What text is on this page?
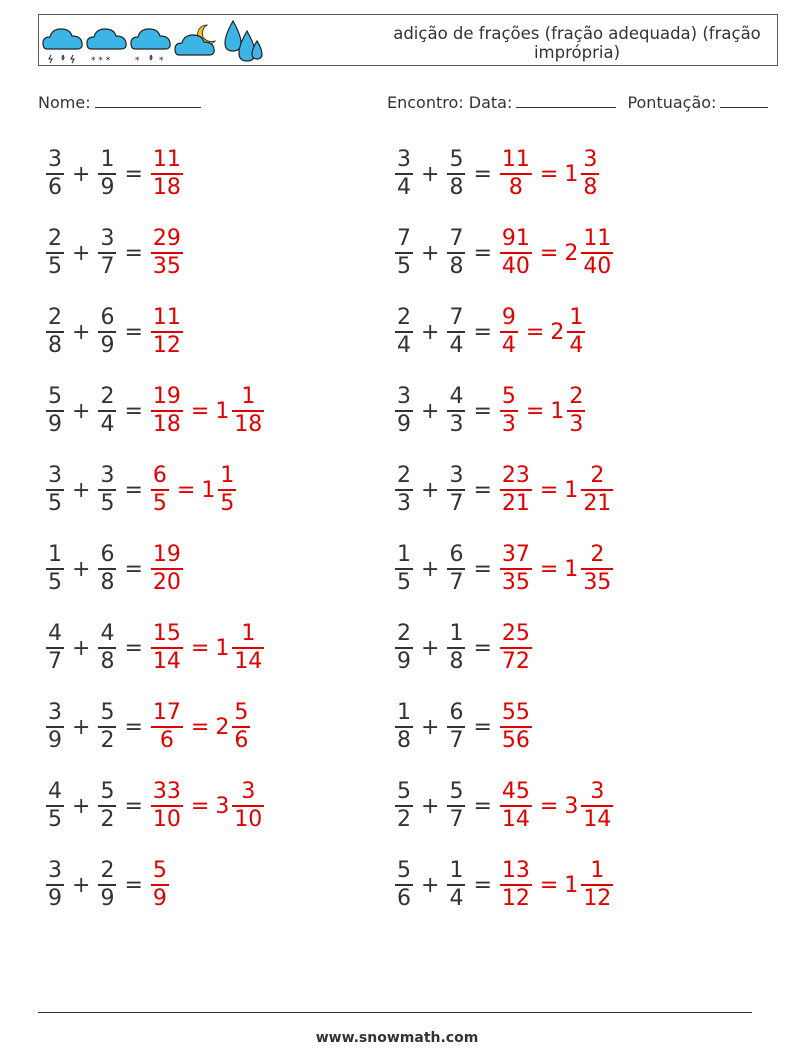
* * *	* *
adição de frações (fração adequada) (fração imprópria)
Nome:	Encontro: Data:	Pontuação:
$\frac{3}{6} + \frac{1}{9} = \frac{11}{18}$	$\frac{3}{4} + \frac{5}{8} = \frac{11}{8} = 1 \frac{3}{8}$
$\frac{2}{5} + \frac{3}{7} = \frac{29}{35}$	$\frac{7}{5} + \frac{7}{8} = \frac{91}{40} = 2 \frac{11}{40}$
$\frac{2}{8} + \frac{6}{9} = \frac{11}{12}$	$\frac{2}{4} + \frac{7}{4} = \frac{9}{4} = 2 \frac{1}{4}$
$\frac{5}{9} + \frac{2}{4} = \frac{19}{18} = 1 \frac{1}{18}$	$\frac{3}{9} + \frac{4}{3} = \frac{5}{3} = 1 \frac{2}{3}$
$\frac{3}{5} + \frac{3}{5} = \frac{6}{5} = 1 \frac{1}{5}$	$\frac{2}{3} + \frac{3}{7} = \frac{23}{21} = 1 \frac{2}{21}$
$\frac{1}{5} + \frac{6}{8} = \frac{19}{20}$	$\frac{1}{5} + \frac{6}{7} = \frac{37}{35} = 1 \frac{2}{35}$
$\frac{4}{7} + \frac{4}{8} = \frac{15}{14} = 1 \frac{1}{14}$	$\frac{2}{9} + \frac{1}{8} = \frac{25}{72}$
$\frac{3}{9} + \frac{5}{2} = \frac{17}{6} = 2 \frac{5}{6}$	$\frac{1}{8} + \frac{6}{7} = \frac{55}{56}$
$\frac{4}{5} + \frac{5}{2} = \frac{33}{10} = 3 \frac{3}{10}$	$\frac{5}{2} + \frac{5}{7} = \frac{45}{14} = 3 \frac{3}{14}$
$\frac{3}{9} + \frac{2}{9} = \frac{5}{9}$	$\frac{5}{6} + \frac{1}{4} = \frac{13}{12} = 1 \frac{1}{12}$
www.snowmath.com
